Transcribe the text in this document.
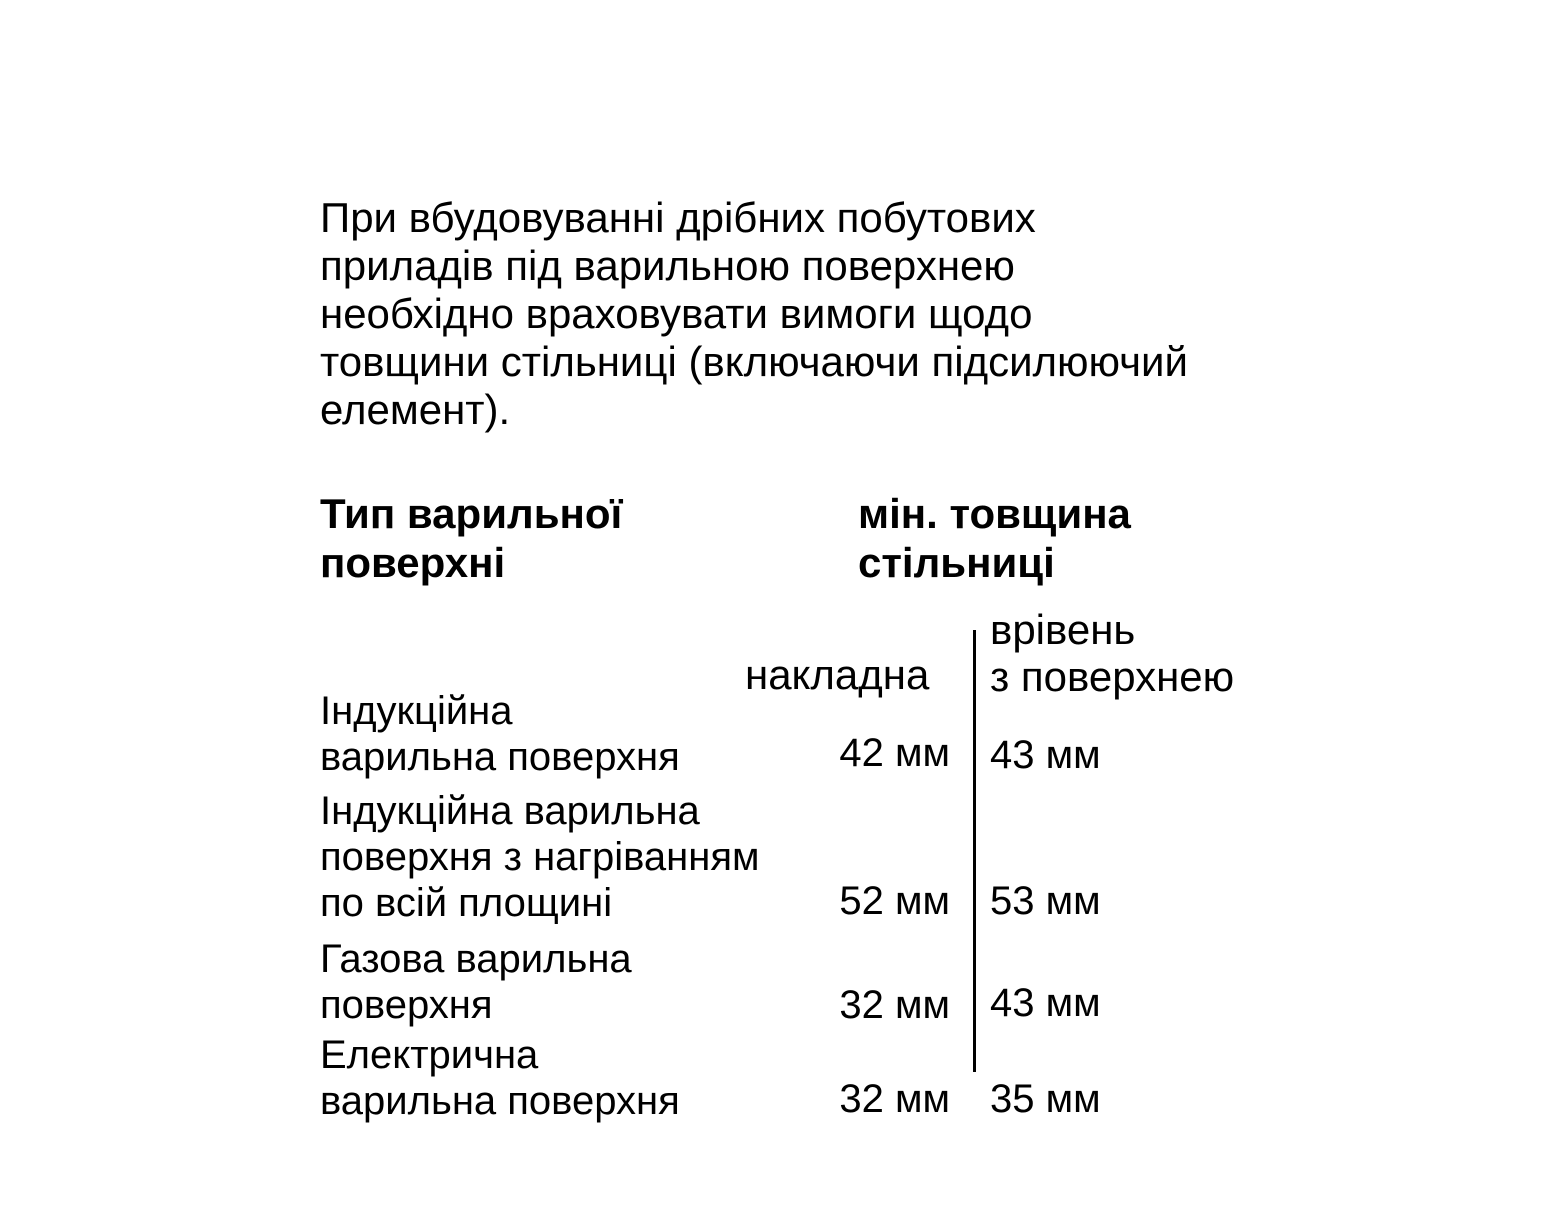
При вбудовуванні дрібних побутових
приладів під варильною поверхнею
необхідно враховувати вимоги щодо
товщини стільниці (включаючи підсилюючий
елемент).
Тип варильної
поверхні
мін. товщина
стільниці
накладна
врівень
з поверхнею
Індукційна
варильна поверхня	42 мм 43 мм
Індукційна варильна
поверхня з нагріванням
по всій площині	52 мм 53 мм
Газова варильна
поверхня	32 мм 43 мм
Електрична
варильна поверхня	32 мм 35 мм
